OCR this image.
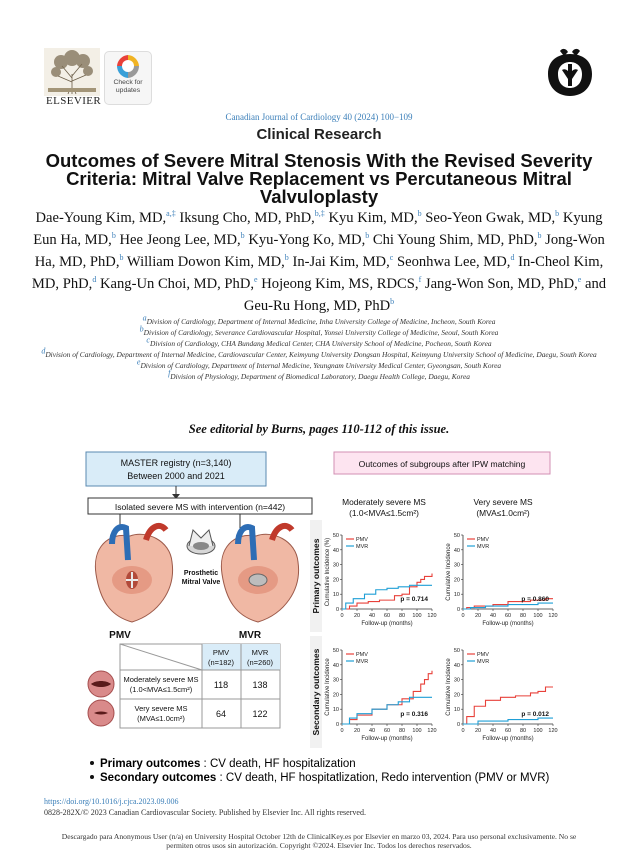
ELSEVIER
Check for updates
Canadian Journal of Cardiology 40 (2024) 100−109
Clinical Research
Outcomes of Severe Mitral Stenosis With the Revised Severity Criteria: Mitral Valve Replacement vs Percutaneous Mitral Valvuloplasty
Dae-Young Kim, MD,$^{a,\ddagger}$ Iksung Cho, MD, PhD,$^{b,\ddagger}$ Kyu Kim, MD,$^b$ Seo-Yeon Gwak, MD,$^b$ Kyung Eun Ha, MD,$^b$ Hee Jeong Lee, MD,$^b$ Kyu-Yong Ko, MD,$^b$ Chi Young Shim, MD, PhD,$^b$ Jong-Won Ha, MD, PhD,$^b$ William Dowon Kim, MD,$^b$ In-Jai Kim, MD,$^c$ Seonhwa Lee, MD,$^d$ In-Cheol Kim, MD, PhD,$^d$ Kang-Un Choi, MD, PhD,$^e$ Hojeong Kim, MS, RDCS,$^f$ Jang-Won Son, MD, PhD,$^e$ and Geu-Ru Hong, MD, PhD$^b$
$^a$Division of Cardiology, Department of Internal Medicine, Inha University College of Medicine, Incheon, South Korea
$^b$Division of Cardiology, Severance Cardiovascular Hospital, Yonsei University College of Medicine, Seoul, South Korea
$^c$Division of Cardiology, CHA Bundang Medical Center, CHA University School of Medicine, Pocheon, South Korea
$^d$Division of Cardiology, Department of Internal Medicine, Cardiovascular Center, Keimyung University Dongsan Hospital, Keimyung University School of Medicine, Daegu, South Korea
$^e$Division of Cardiology, Department of Internal Medicine, Yeungnam University Medical Center, Gyeongsan, South Korea
$^f$Division of Physiology, Department of Biomedical Laboratory, Daegu Health College, Daegu, Korea
See editorial by Burns, pages 110-112 of this issue.
MASTER registry (n=3,140)
Between 2000 and 2021
Isolated severe MS with intervention (n=442)
Prosthetic
Mitral Valve
PMV	MVR
PMV
(n=182)
MVR
(n=260)
Moderately severe MS
(1.0<MVA≤1.5cm²) 118	138
Very severe MS
(MVA≤1.0cm²)	64	122
Outcomes of subgroups after IPW matching
Moderately severe MS
(1.0<MVA≤1.5cm²)
Very severe MS
(MVA≤1.0cm²)
Primary outcomes
Secondary outcomes
0
10
20
30
40
50
0 20 40 60 80 100 120
Follow-up (months)
Cumulative Incidence (%)	PMV
MVR
p = 0.714
0
10
20
30
40
50
0 20 40 60 80 100 120
Follow-up (months)
Cumulative Incidence
PMV
MVR
p = 0.860
0
10
20
30
40
50
0 20 40 60 80 100 120
Follow-up (months)
Cumulative Incidence
PMV
MVR
p = 0.316
0
10
20
30
40
50
0 20 40 60 80 100 120
Follow-up (months)
Cumulative Incidence
PMV
MVR
p = 0.012
Primary outcomes : CV death, HF hospitalization
Secondary outcomes : CV death, HF hospitatlization, Redo intervention (PMV or MVR)
https://doi.org/10.1016/j.cjca.2023.09.006
0828-282X/© 2023 Canadian Cardiovascular Society. Published by Elsevier Inc. All rights reserved.
Descargado para Anonymous User (n/a) en University Hospital October 12th de ClinicalKey.es por Elsevier en marzo 03, 2024. Para uso personal exclusivamente. No se permiten otros usos sin autorización. Copyright ©2024. Elsevier Inc. Todos los derechos reservados.
